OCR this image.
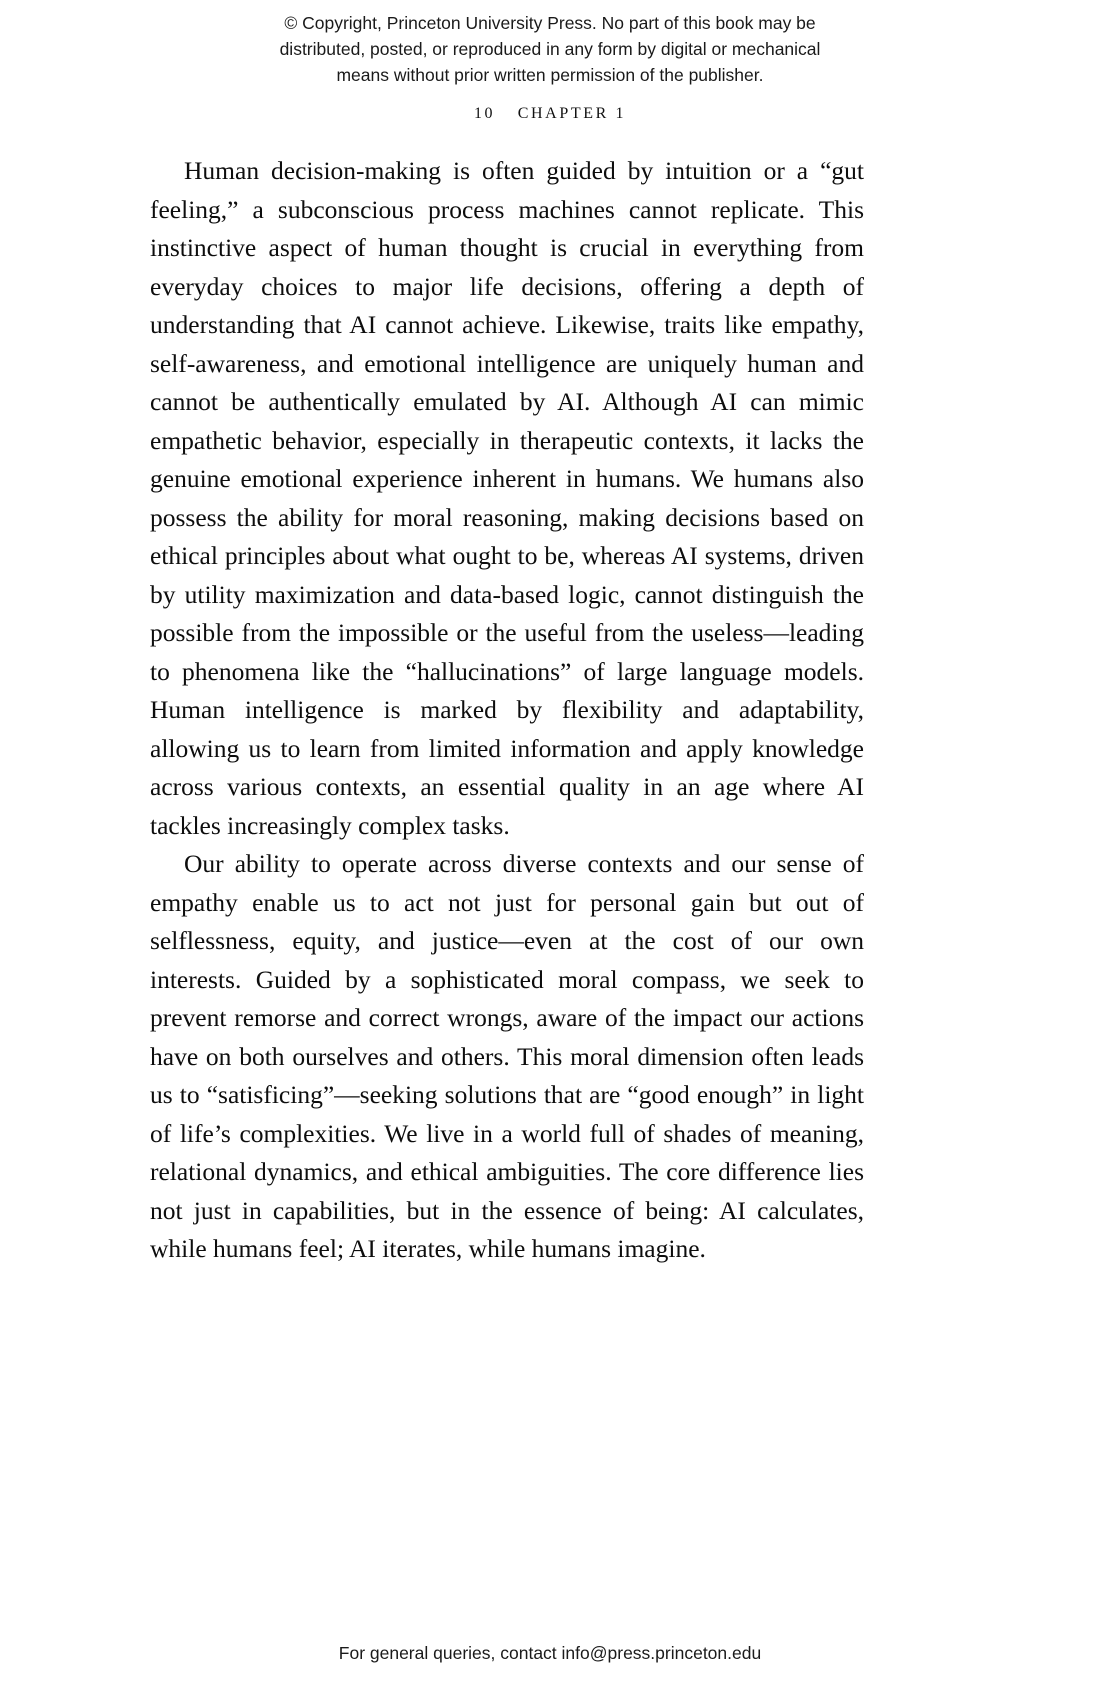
© Copyright, Princeton University Press. No part of this book may be
distributed, posted, or reproduced in any form by digital or mechanical
means without prior written permission of the publisher.
10 CHAPTER 1

Human decision-making is often guided by intuition or a “gut feeling,” a subconscious process machines cannot replicate. This instinctive aspect of human thought is crucial in everything from everyday choices to major life decisions, offering a depth of understanding that AI cannot achieve. Likewise, traits like empathy, self-awareness, and emotional intelligence are uniquely human and cannot be authentically emulated by AI. Although AI can mimic empathetic behavior, especially in therapeutic contexts, it lacks the genuine emotional experience inherent in humans. We humans also possess the ability for moral reasoning, making decisions based on ethical principles about what ought to be, whereas AI systems, driven by utility maximization and data-based logic, cannot distinguish the possible from the impossible or the useful from the useless—leading to phenomena like the “hallucinations” of large language models. Human intelligence is marked by flexibility and adaptability, allowing us to learn from limited information and apply knowledge across various contexts, an essential quality in an age where AI tackles increasingly complex tasks.

Our ability to operate across diverse contexts and our sense of empathy enable us to act not just for personal gain but out of selflessness, equity, and justice—even at the cost of our own interests. Guided by a sophisticated moral compass, we seek to prevent remorse and correct wrongs, aware of the impact our actions have on both ourselves and others. This moral dimension often leads us to “satisficing”—seeking solutions that are “good enough” in light of life’s complexities. We live in a world full of shades of meaning, relational dynamics, and ethical ambiguities. The core difference lies not just in capabilities, but in the essence of being: AI calculates, while humans feel; AI iterates, while humans imagine.

For general queries, contact info@press.princeton.edu
